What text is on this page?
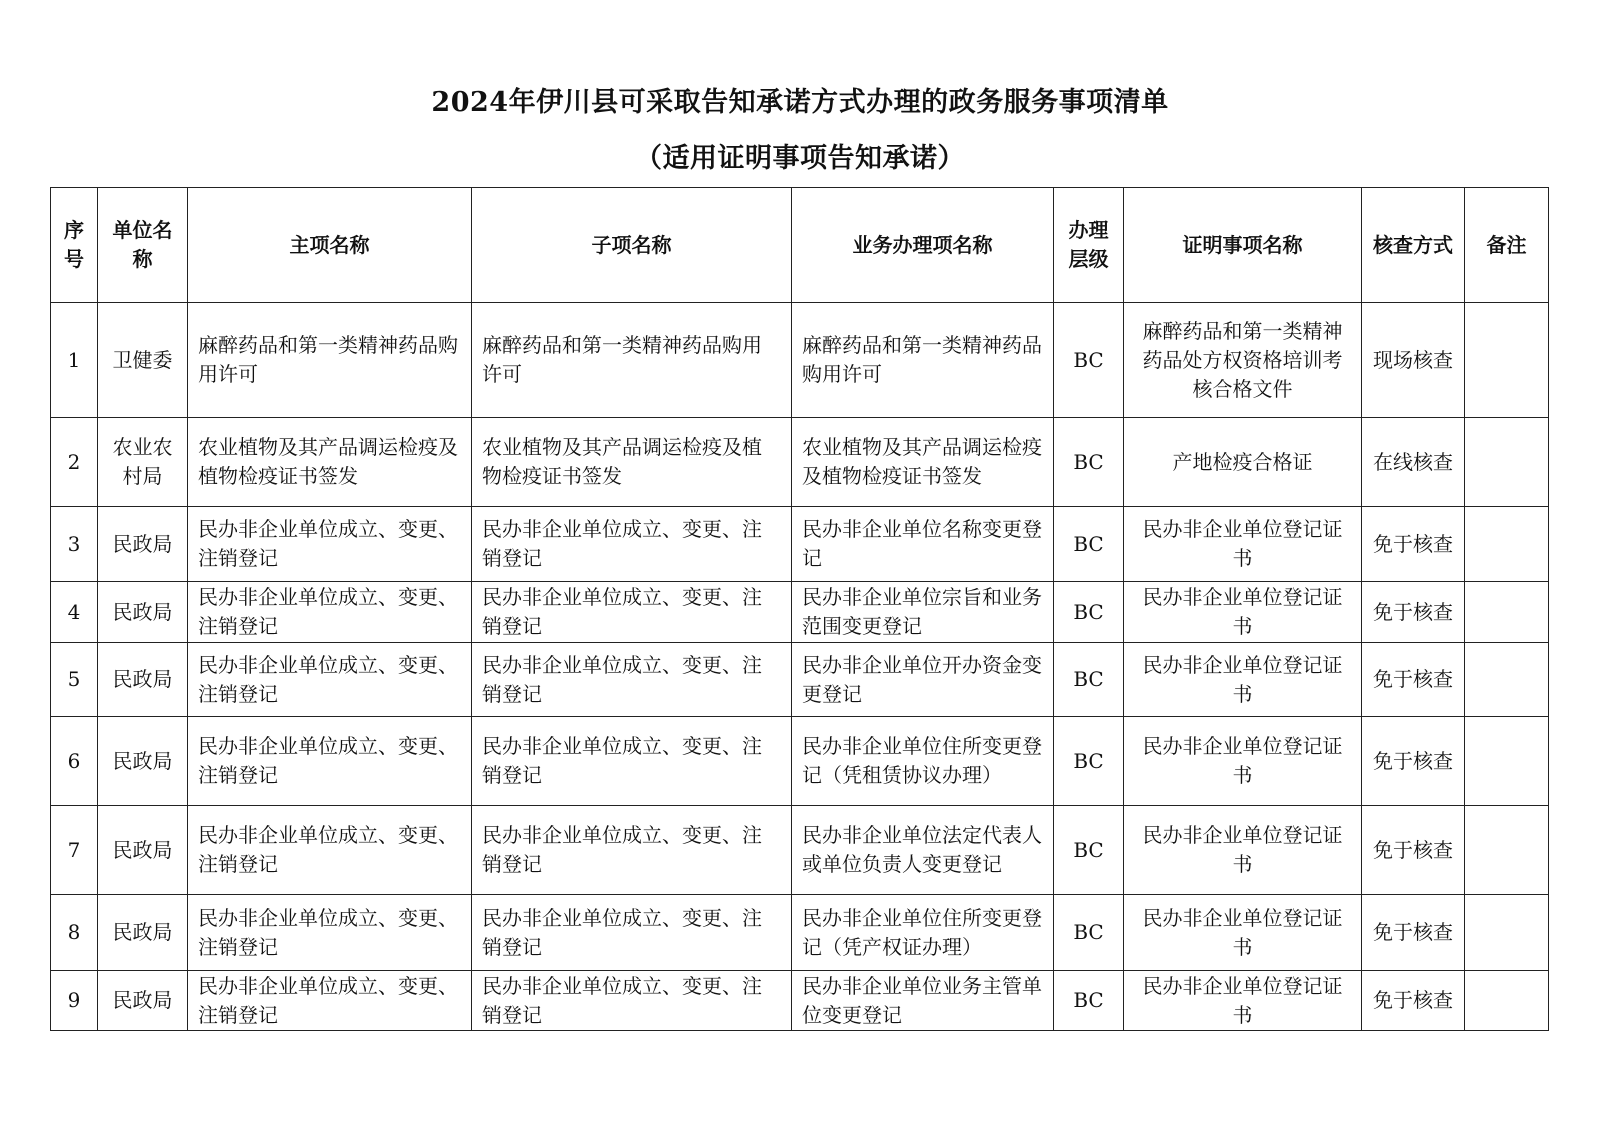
2024年伊川县可采取告知承诺方式办理的政务服务事项清单
（适用证明事项告知承诺）
序号	单位名称	主项名称	子项名称	业务办理项名称	办理层级	证明事项名称	核查方式	备注
1	卫健委	麻醉药品和第一类精神药品购用许可	麻醉药品和第一类精神药品购用许可	麻醉药品和第一类精神药品购用许可	BC	麻醉药品和第一类精神药品处方权资格培训考核合格文件	现场核查	
2	农业农村局	农业植物及其产品调运检疫及植物检疫证书签发	农业植物及其产品调运检疫及植物检疫证书签发	农业植物及其产品调运检疫及植物检疫证书签发	BC	产地检疫合格证	在线核查	
3	民政局	民办非企业单位成立、变更、注销登记	民办非企业单位成立、变更、注销登记	民办非企业单位名称变更登记	BC	民办非企业单位登记证书	免于核查	
4	民政局	民办非企业单位成立、变更、注销登记	民办非企业单位成立、变更、注销登记	民办非企业单位宗旨和业务范围变更登记	BC	民办非企业单位登记证书	免于核查	
5	民政局	民办非企业单位成立、变更、注销登记	民办非企业单位成立、变更、注销登记	民办非企业单位开办资金变更登记	BC	民办非企业单位登记证书	免于核查	
6	民政局	民办非企业单位成立、变更、注销登记	民办非企业单位成立、变更、注销登记	民办非企业单位住所变更登记（凭租赁协议办理）	BC	民办非企业单位登记证书	免于核查	
7	民政局	民办非企业单位成立、变更、注销登记	民办非企业单位成立、变更、注销登记	民办非企业单位法定代表人或单位负责人变更登记	BC	民办非企业单位登记证书	免于核查	
8	民政局	民办非企业单位成立、变更、注销登记	民办非企业单位成立、变更、注销登记	民办非企业单位住所变更登记（凭产权证办理）	BC	民办非企业单位登记证书	免于核查	
9	民政局	民办非企业单位成立、变更、注销登记	民办非企业单位成立、变更、注销登记	民办非企业单位业务主管单位变更登记	BC	民办非企业单位登记证书	免于核查	
